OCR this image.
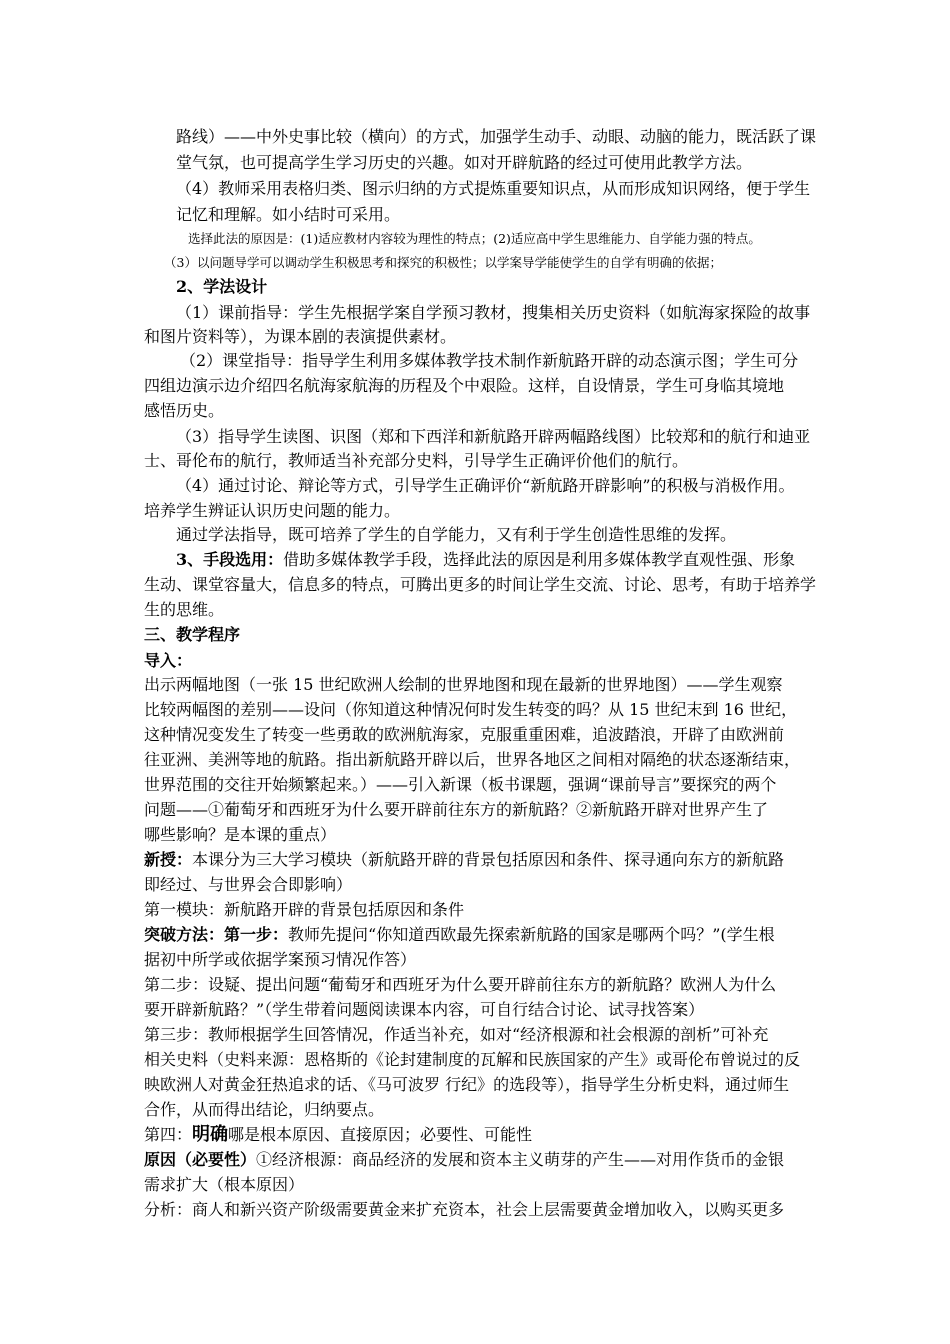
路线）——中外史事比较（横向）的方式，加强学生动手、动眼、动脑的能力，既活跃了课
堂气氛，也可提高学生学习历史的兴趣。如对开辟航路的经过可使用此教学方法。
（4）教师采用表格归类、图示归纳的方式提炼重要知识点，从而形成知识网络，便于学生
记忆和理解。如小结时可采用。
选择此法的原因是：(1)适应教材内容较为理性的特点；(2)适应高中学生思维能力、自学能力强的特点。
（3）以问题导学可以调动学生积极思考和探究的积极性；以学案导学能使学生的自学有明确的依据；
2、学法设计
（1）课前指导：学生先根据学案自学预习教材，搜集相关历史资料（如航海家探险的故事
和图片资料等），为课本剧的表演提供素材。
（2）课堂指导：指导学生利用多媒体教学技术制作新航路开辟的动态演示图；学生可分
四组边演示边介绍四名航海家航海的历程及个中艰险。这样，自设情景，学生可身临其境地
感悟历史。
（3）指导学生读图、识图（郑和下西洋和新航路开辟两幅路线图）比较郑和的航行和迪亚
士、哥伦布的航行，教师适当补充部分史料，引导学生正确评价他们的航行。
（4）通过讨论、辩论等方式，引导学生正确评价“新航路开辟影响”的积极与消极作用。
培养学生辨证认识历史问题的能力。
通过学法指导，既可培养了学生的自学能力，又有利于学生创造性思维的发挥。
3、手段选用：借助多媒体教学手段，选择此法的原因是利用多媒体教学直观性强、形象
生动、课堂容量大，信息多的特点，可腾出更多的时间让学生交流、讨论、思考，有助于培养学
生的思维。
三、教学程序
导入：
出示两幅地图（一张 15 世纪欧洲人绘制的世界地图和现在最新的世界地图）——学生观察
比较两幅图的差别——设问（你知道这种情况何时发生转变的吗？从 15 世纪末到 16 世纪，
这种情况变发生了转变一些勇敢的欧洲航海家，克服重重困难，追波踏浪，开辟了由欧洲前
往亚洲、美洲等地的航路。指出新航路开辟以后，世界各地区之间相对隔绝的状态逐渐结束，
世界范围的交往开始频繁起来。）——引入新课（板书课题，强调“课前导言”要探究的两个
问题——①葡萄牙和西班牙为什么要开辟前往东方的新航路？②新航路开辟对世界产生了
哪些影响？是本课的重点）
新授：本课分为三大学习模块（新航路开辟的背景包括原因和条件、探寻通向东方的新航路
即经过、与世界会合即影响）
第一模块：新航路开辟的背景包括原因和条件
突破方法：第一步：教师先提问“你知道西欧最先探索新航路的国家是哪两个吗？”(学生根
据初中所学或依据学案预习情况作答）
第二步：设疑、提出问题“葡萄牙和西班牙为什么要开辟前往东方的新航路？欧洲人为什么
要开辟新航路？”（学生带着问题阅读课本内容，可自行结合讨论、试寻找答案）
第三步：教师根据学生回答情况，作适当补充，如对“经济根源和社会根源的剖析”可补充
相关史料（史料来源：恩格斯的《论封建制度的瓦解和民族国家的产生》或哥伦布曾说过的反
映欧洲人对黄金狂热追求的话、《马可波罗 行纪》的选段等），指导学生分析史料，通过师生
合作，从而得出结论，归纳要点。
第四：明确哪是根本原因、直接原因；必要性、可能性
原因（必要性）①经济根源：商品经济的发展和资本主义萌芽的产生——对用作货币的金银
需求扩大（根本原因）
分析：商人和新兴资产阶级需要黄金来扩充资本，社会上层需要黄金增加收入，以购买更多
